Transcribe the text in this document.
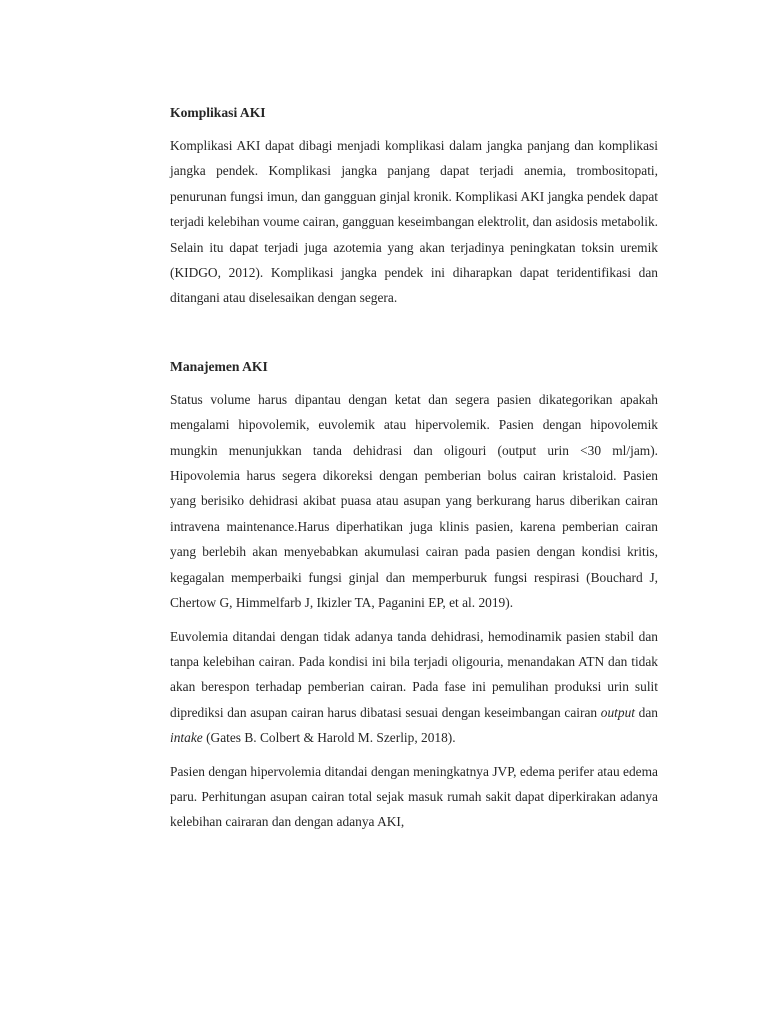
Komplikasi AKI

Komplikasi AKI dapat dibagi menjadi komplikasi dalam jangka panjang dan komplikasi jangka pendek. Komplikasi jangka panjang dapat terjadi anemia, trombositopati, penurunan fungsi imun, dan gangguan ginjal kronik. Komplikasi AKI jangka pendek dapat terjadi kelebihan voume cairan, gangguan keseimbangan elektrolit, dan asidosis metabolik. Selain itu dapat terjadi juga azotemia yang akan terjadinya peningkatan toksin uremik (KIDGO, 2012). Komplikasi jangka pendek ini diharapkan dapat teridentifikasi dan ditangani atau diselesaikan dengan segera.

Manajemen AKI

Status volume harus dipantau dengan ketat dan segera pasien dikategorikan apakah mengalami hipovolemik, euvolemik atau hipervolemik. Pasien dengan hipovolemik mungkin menunjukkan tanda dehidrasi dan oligouri (output urin <30 ml/jam). Hipovolemia harus segera dikoreksi dengan pemberian bolus cairan kristaloid. Pasien yang berisiko dehidrasi akibat puasa atau asupan yang berkurang harus diberikan cairan intravena maintenance.Harus diperhatikan juga klinis pasien, karena pemberian cairan yang berlebih akan menyebabkan akumulasi cairan pada pasien dengan kondisi kritis, kegagalan memperbaiki fungsi ginjal dan memperburuk fungsi respirasi (Bouchard J, Chertow G, Himmelfarb J, Ikizler TA, Paganini EP, et al. 2019).

Euvolemia ditandai dengan tidak adanya tanda dehidrasi, hemodinamik pasien stabil dan tanpa kelebihan cairan. Pada kondisi ini bila terjadi oligouria, menandakan ATN dan tidak akan berespon terhadap pemberian cairan. Pada fase ini pemulihan produksi urin sulit diprediksi dan asupan cairan harus dibatasi sesuai dengan keseimbangan cairan output dan intake (Gates B. Colbert & Harold M. Szerlip, 2018).

Pasien dengan hipervolemia ditandai dengan meningkatnya JVP, edema perifer atau edema paru. Perhitungan asupan cairan total sejak masuk rumah sakit dapat diperkirakan adanya kelebihan cairaran dan dengan adanya AKI,
